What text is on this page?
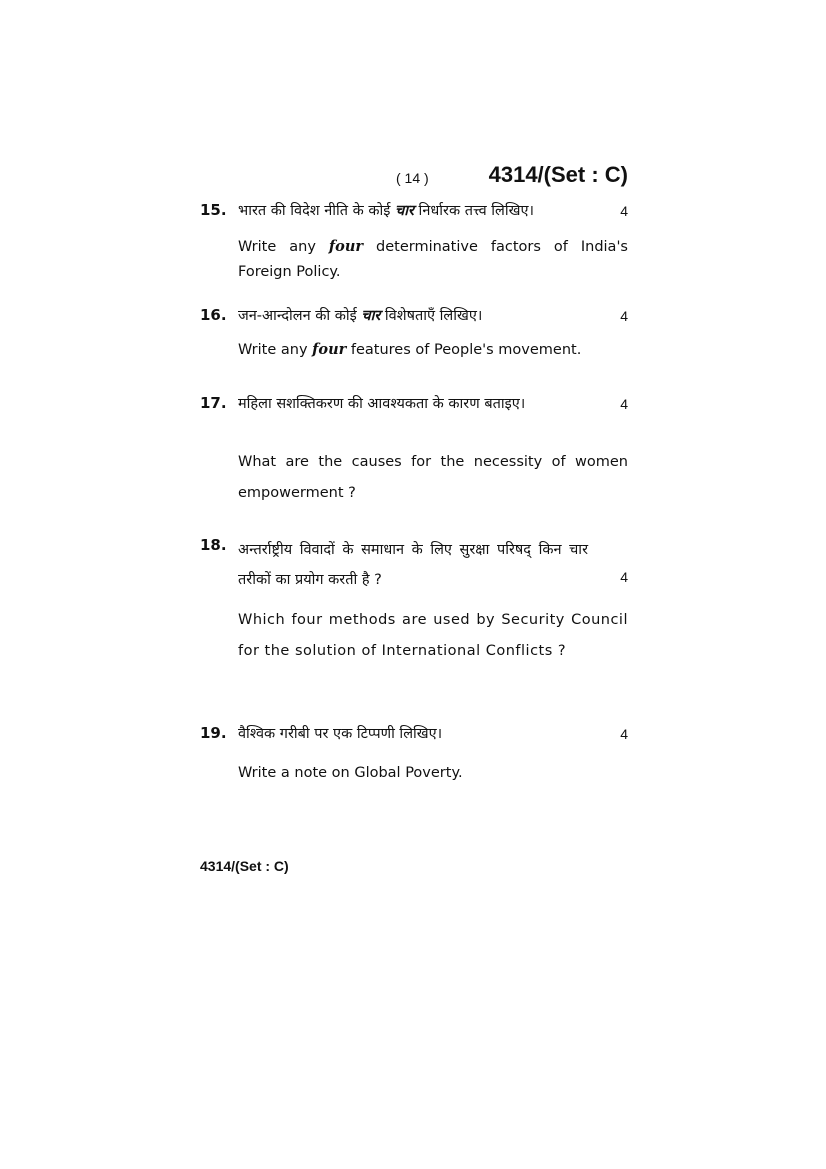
( 14 )	4314/(Set : C)
15. भारत की विदेश नीति के कोई चार निर्धारक तत्त्व लिखिए।	4
Write any four determinative factors of India's Foreign Policy.
16. जन-आन्दोलन की कोई चार विशेषताएँ लिखिए।	4
Write any four features of People's movement.
17. महिला सशक्तिकरण की आवश्यकता के कारण बताइए।	4
What are the causes for the necessity of women empowerment ?
18. अन्तर्राष्ट्रीय विवादों के समाधान के लिए सुरक्षा परिषद् किन चार तरीकों का प्रयोग करती है ?	4
Which four methods are used by Security Council for the solution of International Conflicts ?
19. वैश्विक गरीबी पर एक टिप्पणी लिखिए।	4
Write a note on Global Poverty.
4314/(Set : C)
